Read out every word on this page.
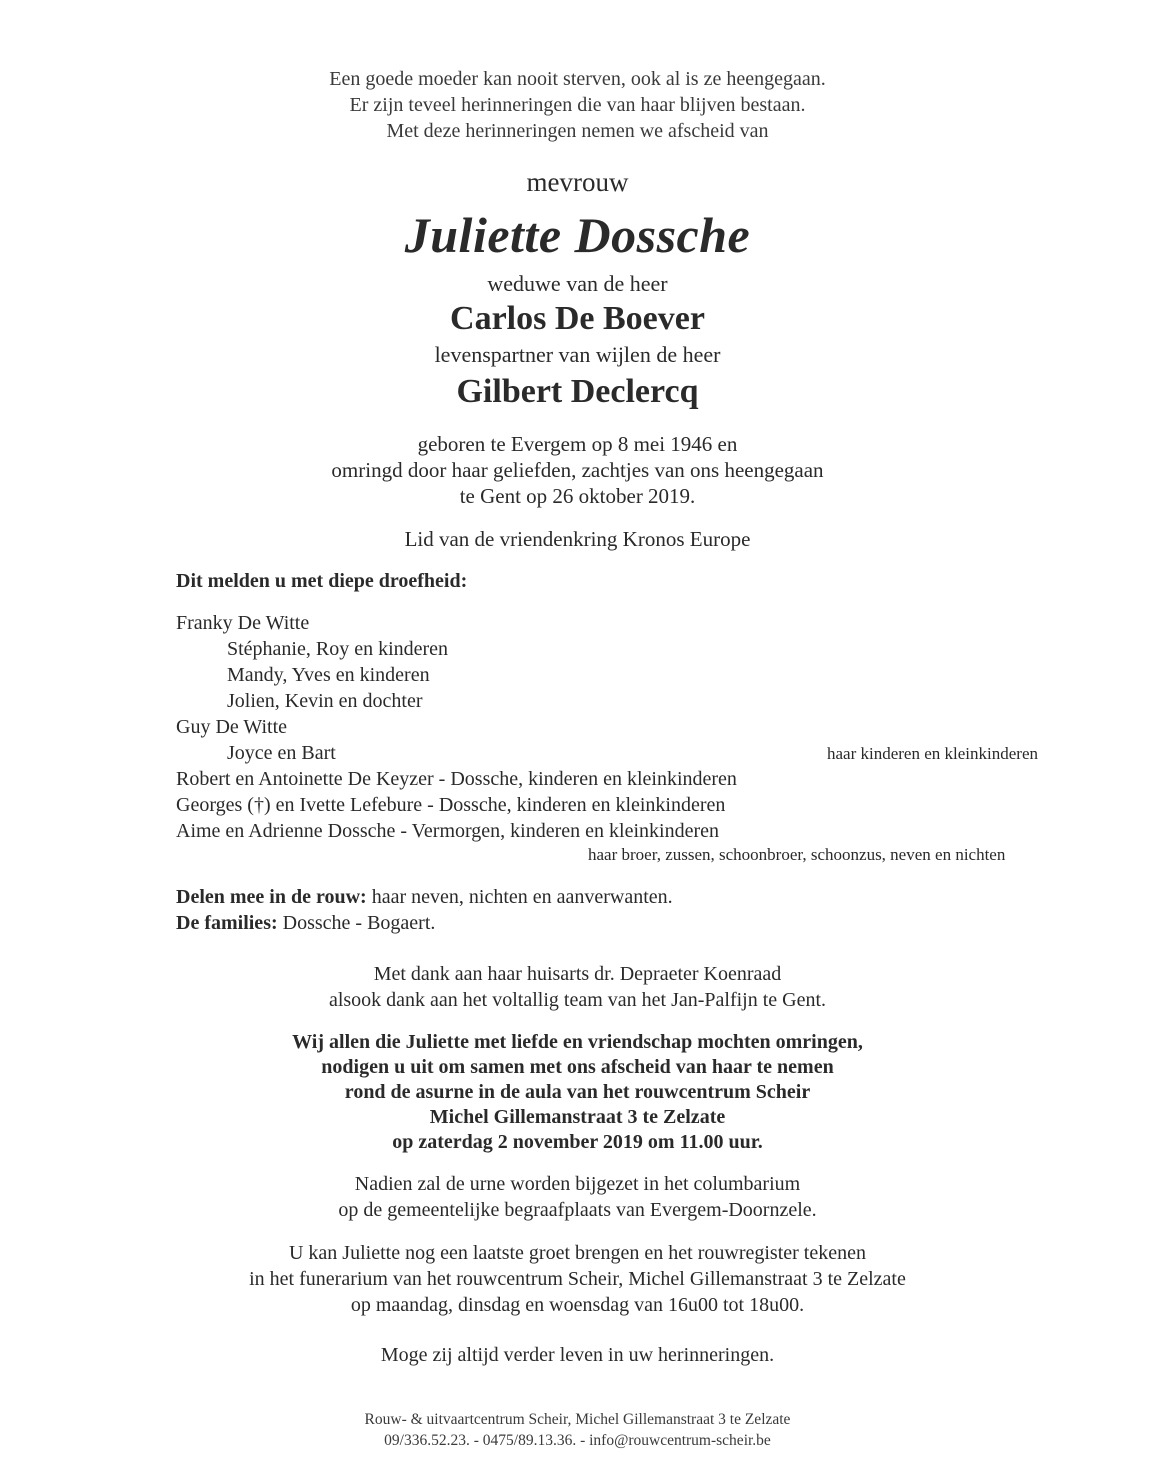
Een goede moeder kan nooit sterven, ook al is ze heengegaan.
Er zijn teveel herinneringen die van haar blijven bestaan.
Met deze herinneringen nemen we afscheid van
mevrouw
Juliette Dossche
weduwe van de heer
Carlos De Boever
levenspartner van wijlen de heer
Gilbert Declercq
geboren te Evergem op 8 mei 1946 en
omringd door haar geliefden, zachtjes van ons heengegaan
te Gent op 26 oktober 2019.
Lid van de vriendenkring Kronos Europe
Dit melden u met diepe droefheid:
Franky De Witte
Stéphanie, Roy en kinderen
Mandy, Yves en kinderen
Jolien, Kevin en dochter
Guy De Witte
Joyce en Bart	haar kinderen en kleinkinderen
Robert en Antoinette De Keyzer - Dossche, kinderen en kleinkinderen
Georges (†) en Ivette Lefebure - Dossche, kinderen en kleinkinderen
Aime en Adrienne Dossche - Vermorgen, kinderen en kleinkinderen
haar broer, zussen, schoonbroer, schoonzus, neven en nichten
Delen mee in de rouw: haar neven, nichten en aanverwanten.
De families: Dossche - Bogaert.
Met dank aan haar huisarts dr. Depraeter Koenraad
alsook dank aan het voltallig team van het Jan-Palfijn te Gent.
Wij allen die Juliette met liefde en vriendschap mochten omringen,
nodigen u uit om samen met ons afscheid van haar te nemen
rond de asurne in de aula van het rouwcentrum Scheir
Michel Gillemanstraat 3 te Zelzate
op zaterdag 2 november 2019 om 11.00 uur.
Nadien zal de urne worden bijgezet in het columbarium
op de gemeentelijke begraafplaats van Evergem-Doornzele.
U kan Juliette nog een laatste groet brengen en het rouwregister tekenen
in het funerarium van het rouwcentrum Scheir, Michel Gillemanstraat 3 te Zelzate
op maandag, dinsdag en woensdag van 16u00 tot 18u00.
Moge zij altijd verder leven in uw herinneringen.
Rouw- & uitvaartcentrum Scheir, Michel Gillemanstraat 3 te Zelzate
09/336.52.23. - 0475/89.13.36. - info@rouwcentrum-scheir.be
